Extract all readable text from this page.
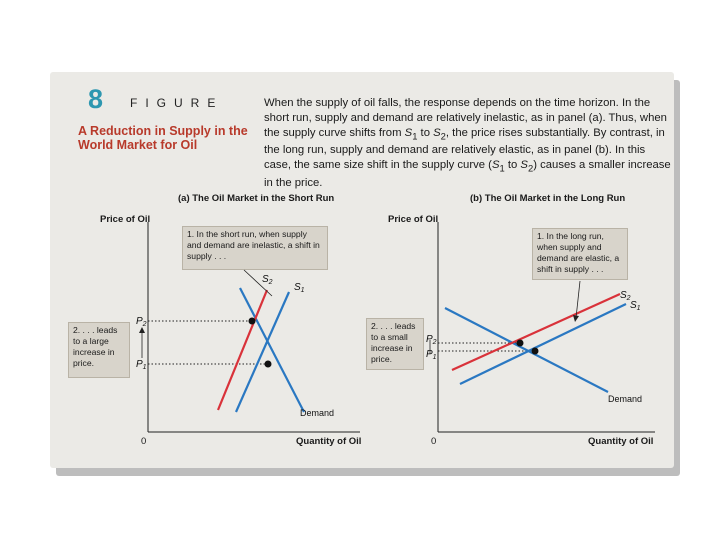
8 FIGURE
A Reduction in Supply in the World Market for Oil
When the supply of oil falls, the response depends on the time horizon. In the short run, supply and demand are relatively inelastic, as in panel (a). Thus, when the supply curve shifts from $S_1$ to $S_2$, the price rises substantially. By contrast, in the long run, supply and demand are relatively elastic, as in panel (b). In this case, the same size shift in the supply curve ($S_1$ to $S_2$) causes a smaller increase in the price.
(a) The Oil Market in the Short Run	(b) The Oil Market in the Long Run
Price of Oil
Quantity of Oil
0
Price of Oil
Quantity of Oil
0
1. In the short run, when supply and demand are inelastic, a shift in supply . . .
2. . . . leads to a large increase in price.
1. In the long run, when supply and demand are elastic, a shift in supply . . .
2. . . . leads to a small increase in price.
$S_2$ $S_1$
$P_2$
$P_1$
Demand
$S_2$
$S_1$
$P_2$
$P_1$
Demand
